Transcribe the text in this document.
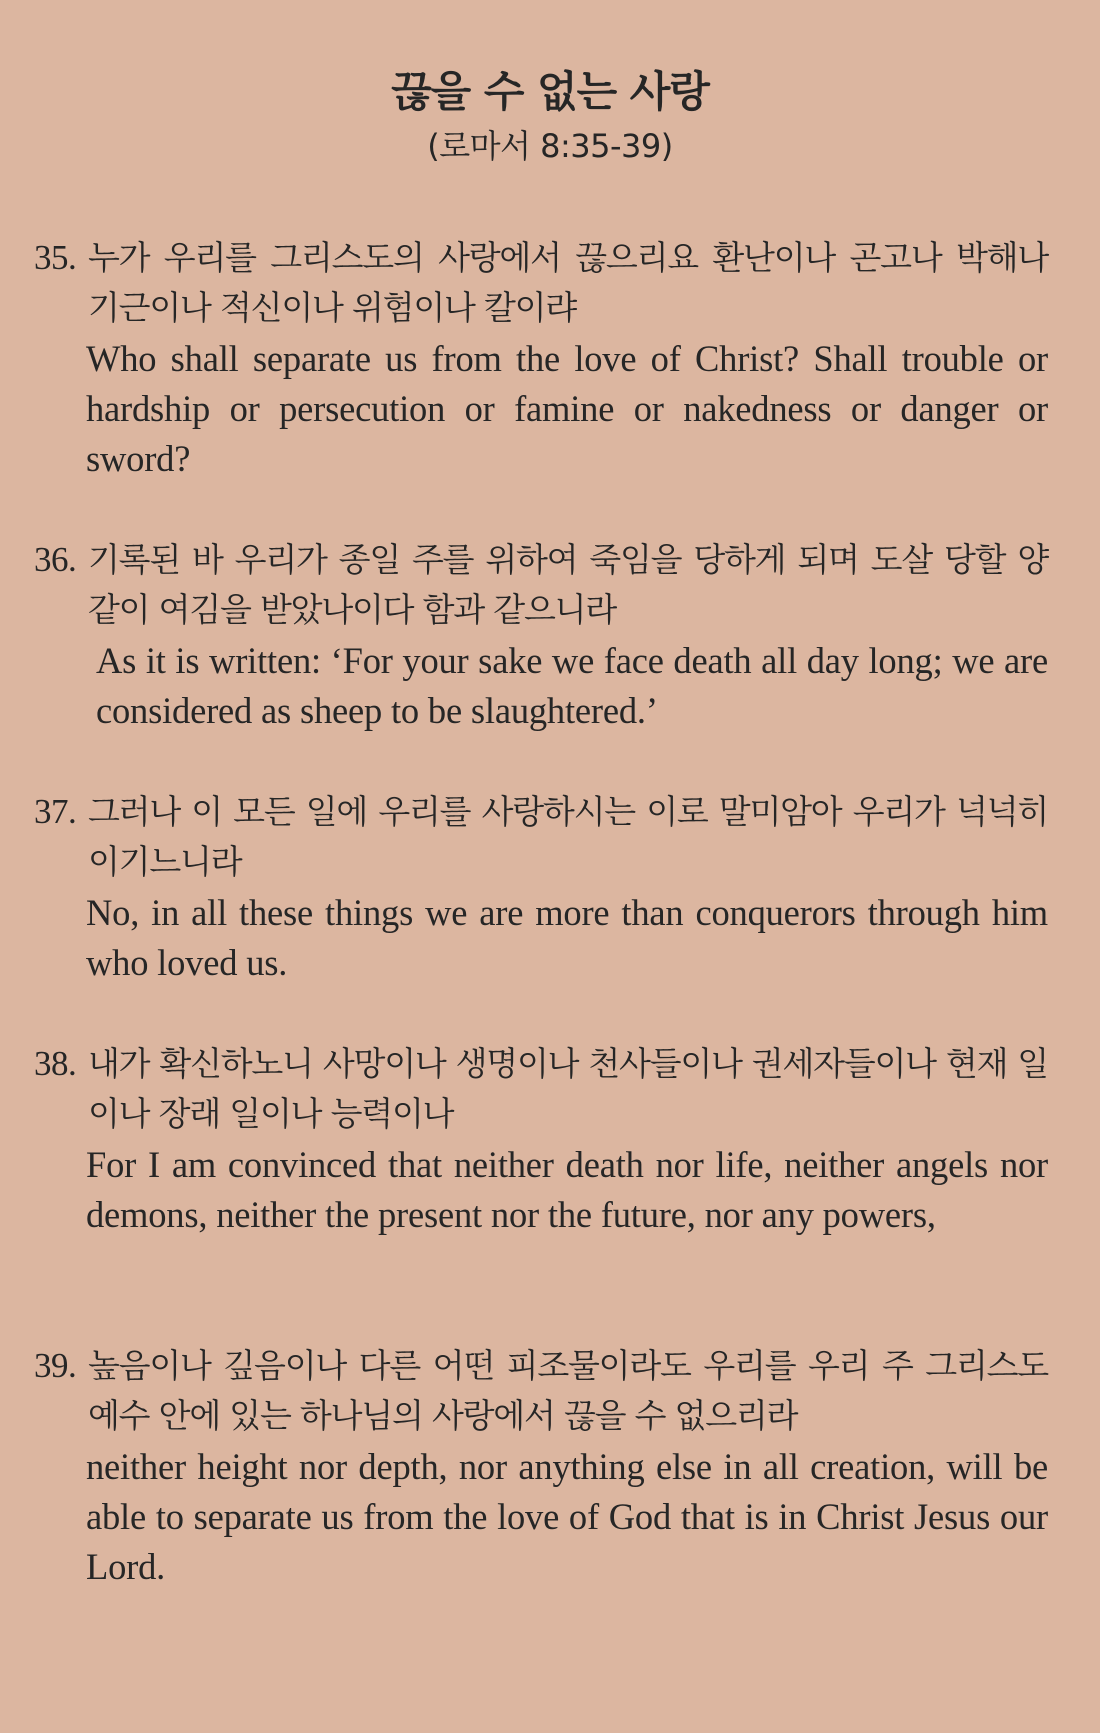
끊을 수 없는 사랑
(로마서 8:35-39)
35. 누가 우리를 그리스도의 사랑에서 끊으리요 환난이나 곤고나 박해나 기근이나 적신이나 위험이나 칼이랴
Who shall separate us from the love of Christ? Shall trouble or hardship or persecution or famine or nakedness or danger or sword?
36. 기록된 바 우리가 종일 주를 위하여 죽임을 당하게 되며 도살 당할 양 같이 여김을 받았나이다 함과 같으니라
As it is written: ‘For your sake we face death all day long; we are considered as sheep to be slaughtered.’
37. 그러나 이 모든 일에 우리를 사랑하시는 이로 말미암아 우리가 넉넉히 이기느니라
No, in all these things we are more than conquerors through him who loved us.
38. 내가 확신하노니 사망이나 생명이나 천사들이나 권세자들이나 현재 일이나 장래 일이나 능력이나
For I am convinced that neither death nor life, neither angels nor demons, neither the present nor the future, nor any powers,
39. 높음이나 깊음이나 다른 어떤 피조물이라도 우리를 우리 주 그리스도 예수 안에 있는 하나님의 사랑에서 끊을 수 없으리라
neither height nor depth, nor anything else in all creation, will be able to separate us from the love of God that is in Christ Jesus our Lord.
